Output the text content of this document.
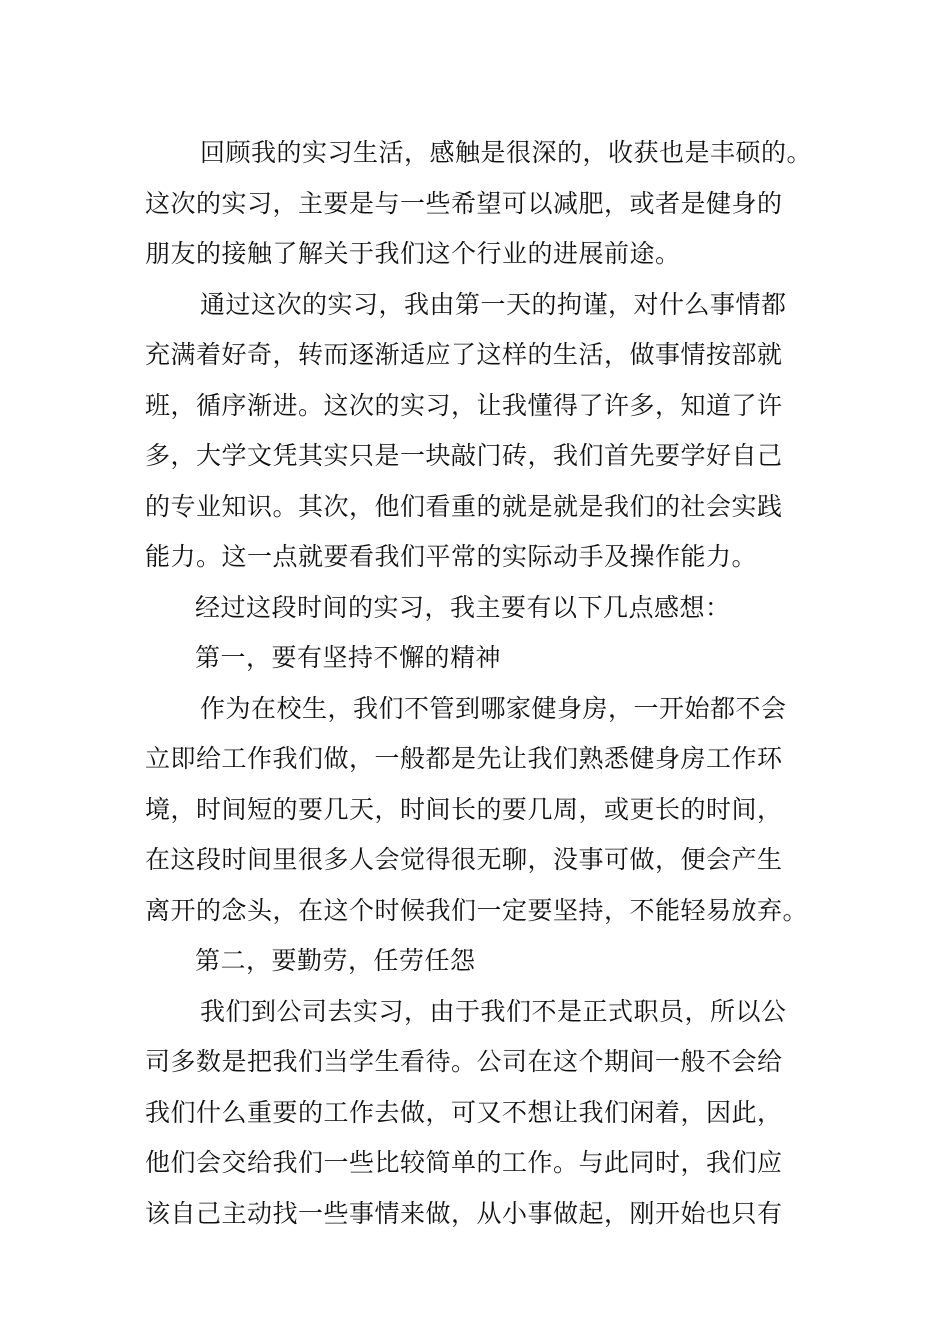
回顾我的实习生活，感触是很深的，收获也是丰硕的。
这次的实习，主要是与一些希望可以减肥，或者是健身的
朋友的接触了解关于我们这个行业的进展前途。
通过这次的实习，我由第一天的拘谨，对什么事情都
充满着好奇，转而逐渐适应了这样的生活，做事情按部就
班，循序渐进。这次的实习，让我懂得了许多，知道了许
多，大学文凭其实只是一块敲门砖，我们首先要学好自己
的专业知识。其次，他们看重的就是就是我们的社会实践
能力。这一点就要看我们平常的实际动手及操作能力。
经过这段时间的实习，我主要有以下几点感想：
第一，要有坚持不懈的精神
作为在校生，我们不管到哪家健身房，一开始都不会
立即给工作我们做，一般都是先让我们熟悉健身房工作环
境，时间短的要几天，时间长的要几周，或更长的时间，
在这段时间里很多人会觉得很无聊，没事可做，便会产生
离开的念头，在这个时候我们一定要坚持，不能轻易放弃。
第二，要勤劳，任劳任怨
我们到公司去实习，由于我们不是正式职员，所以公
司多数是把我们当学生看待。公司在这个期间一般不会给
我们什么重要的工作去做，可又不想让我们闲着，因此，
他们会交给我们一些比较简单的工作。与此同时，我们应
该自己主动找一些事情来做，从小事做起，刚开始也只有
